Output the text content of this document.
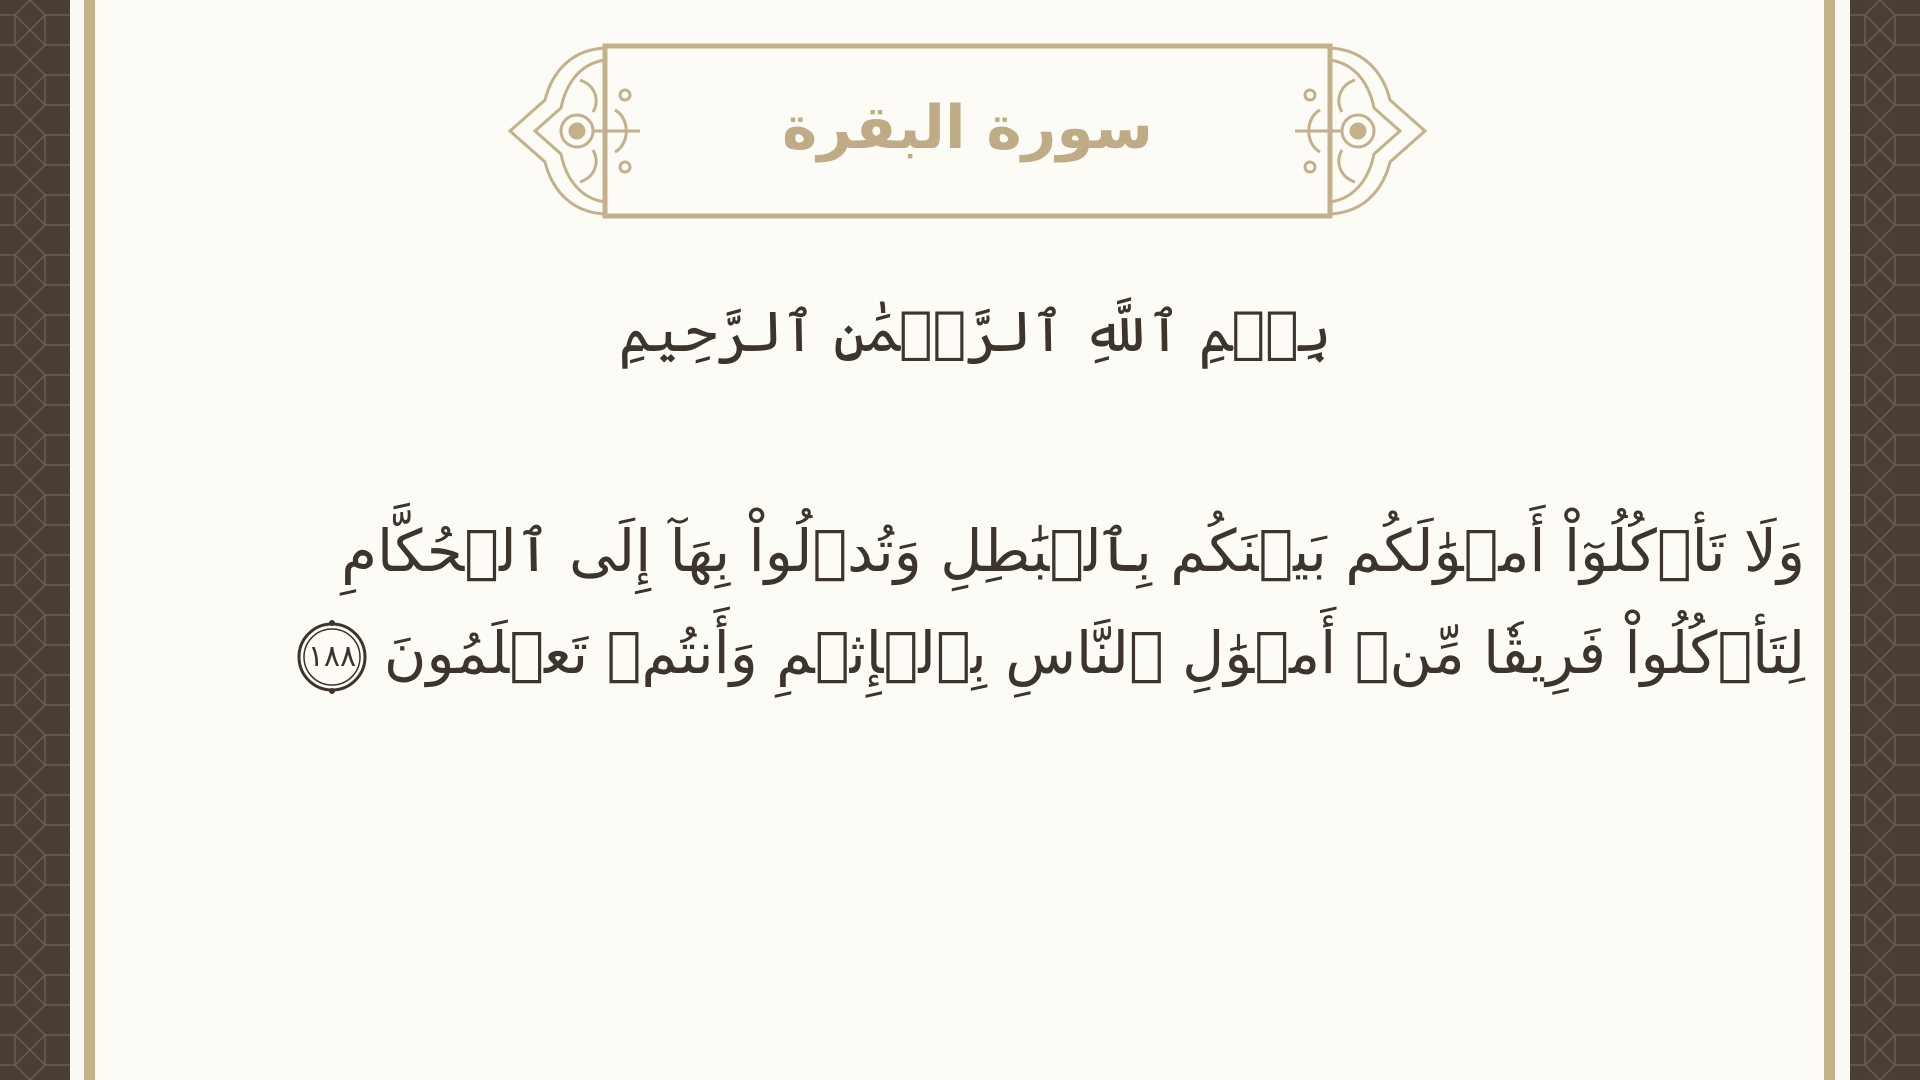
سورة البقرة
بِسۡمِ ٱللَّهِ ٱلرَّحۡمَٰنِ ٱلرَّحِيمِ
وَلَا تَأۡكُلُوٓاْ أَمۡوَٰلَكُم بَيۡنَكُم بِٱلۡبَٰطِلِ وَتُدۡلُواْ بِهَآ إِلَى ٱلۡحُكَّامِ
لِتَأۡكُلُواْ فَرِيقٗا مِّنۡ أَمۡوَٰلِ ٱلنَّاسِ بِٱلۡإِثۡمِ وَأَنتُمۡ تَعۡلَمُونَ
١٨٨
